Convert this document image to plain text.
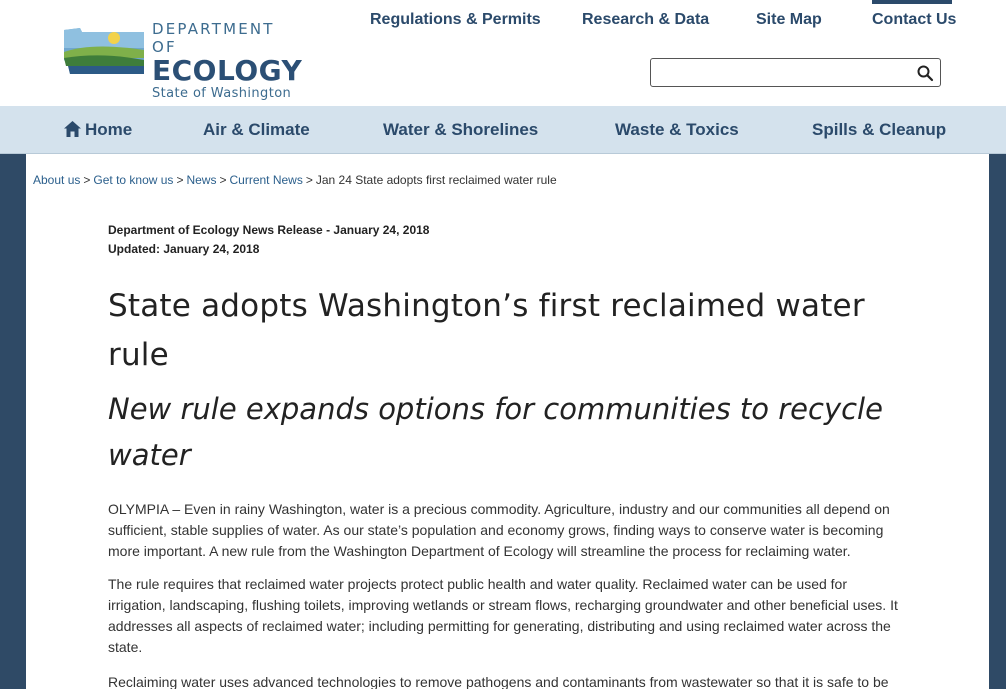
DEPARTMENT OF
ECOLOGY
State of Washington
Regulations & Permits	Research & Data	Site Map	Contact Us
Home	Air & Climate	Water & Shorelines	Waste & Toxics	Spills & Cleanup
About us > Get to know us > News > Current News > Jan 24 State adopts first reclaimed water rule
Department of Ecology News Release - January 24, 2018
Updated: January 24, 2018
State adopts Washington’s first reclaimed water rule
New rule expands options for communities to recycle water

OLYMPIA – Even in rainy Washington, water is a precious commodity. Agriculture, industry and our communities all depend on sufficient, stable supplies of water. As our state’s population and economy grows, finding ways to conserve water is becoming more important. A new rule from the Washington Department of Ecology will streamline the process for reclaiming water.

The rule requires that reclaimed water projects protect public health and water quality. Reclaimed water can be used for irrigation, landscaping, flushing toilets, improving wetlands or stream flows, recharging groundwater and other beneficial uses. It addresses all aspects of reclaimed water; including permitting for generating, distributing and using reclaimed water across the state.

Reclaiming water uses advanced technologies to remove pathogens and contaminants from wastewater so that it is safe to be
